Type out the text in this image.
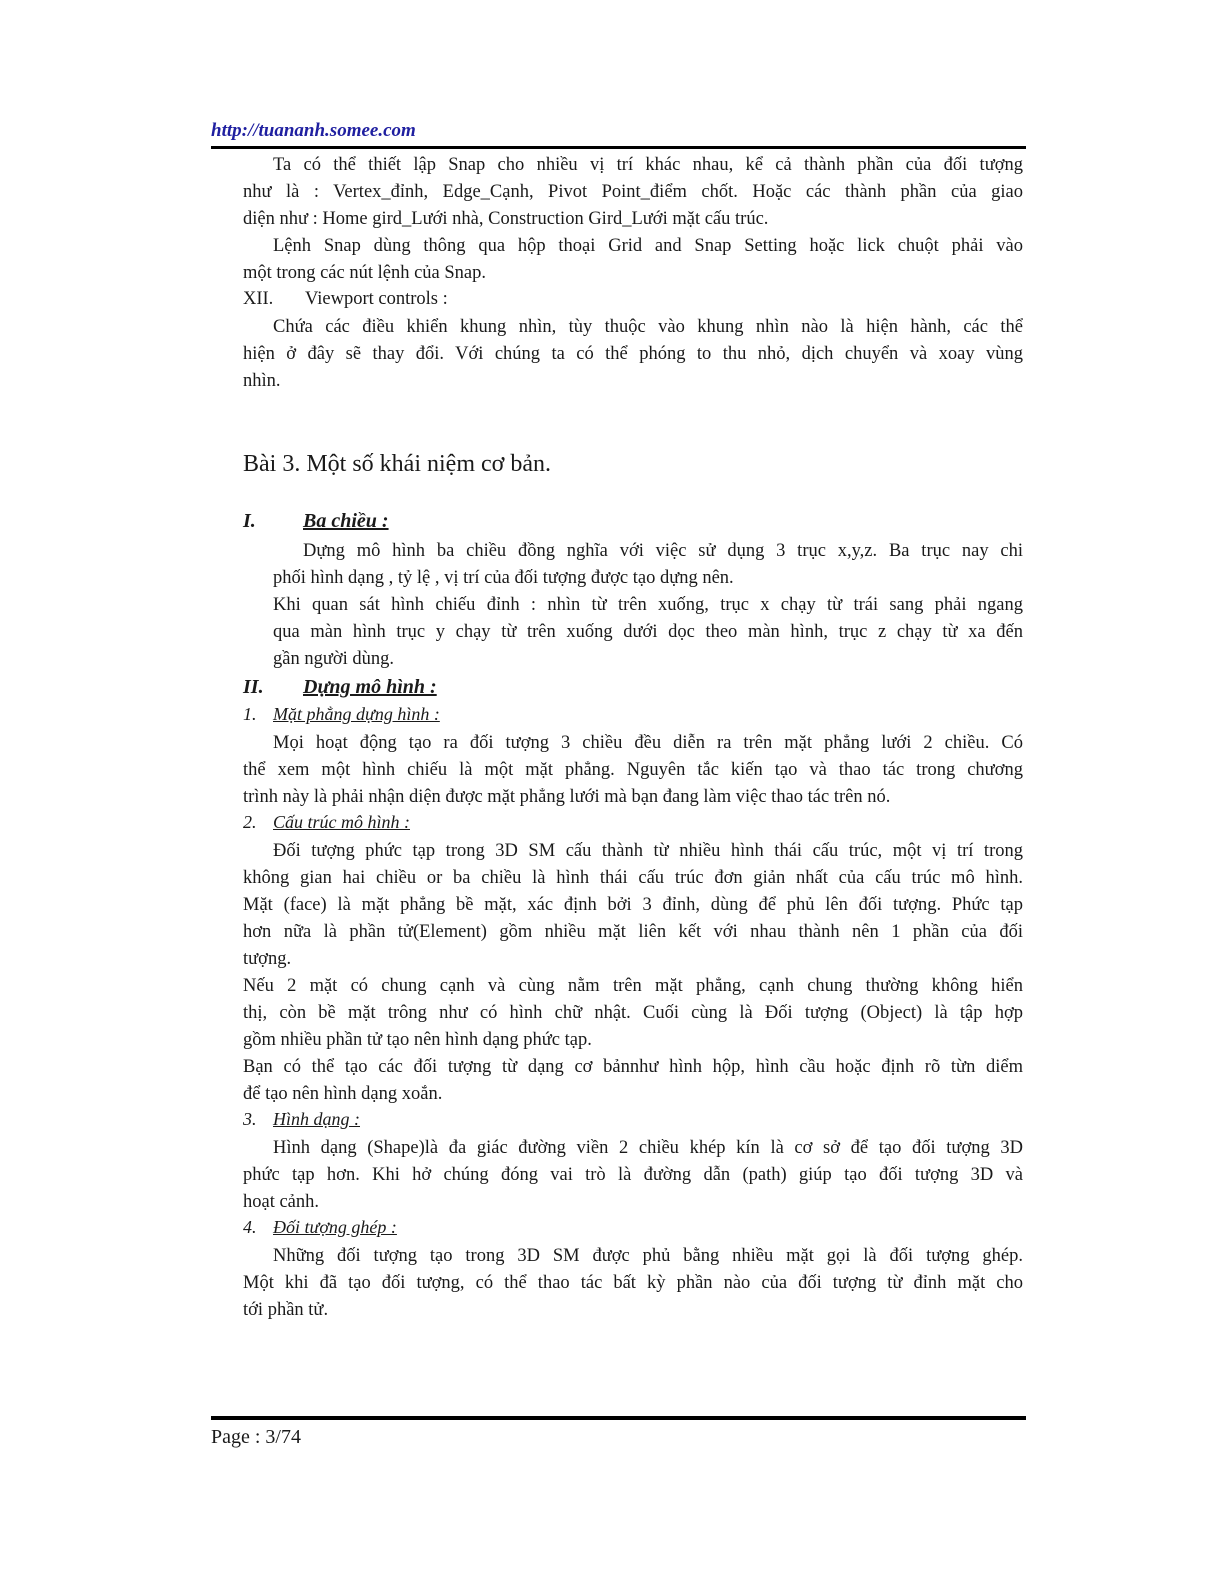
http://tuananh.somee.com
Ta có thể thiết lập Snap cho nhiều vị trí khác nhau, kể cả thành phần của đối tượng
như là : Vertex_đỉnh, Edge_Cạnh, Pivot Point_điểm chốt. Hoặc các thành phần của giao
diện như : Home gird_Lưới nhà, Construction Gird_Lưới mặt cấu trúc.
Lệnh Snap dùng thông qua hộp thoại Grid and Snap Setting hoặc lick chuột phải vào
một trong các nút lệnh của Snap.
XII. Viewport controls :
Chứa các điều khiển khung nhìn, tùy thuộc vào khung nhìn nào là hiện hành, các thể
hiện ở đây sẽ thay đổi. Với chúng ta có thể phóng to thu nhỏ, dịch chuyển và xoay vùng
nhìn.
Bài 3. Một số khái niệm cơ bản.
I. Ba chiều :
Dựng mô hình ba chiều đồng nghĩa với việc sử dụng 3 trục x,y,z. Ba trục nay chi
phối hình dạng , tỷ lệ , vị trí của đối tượng được tạo dựng nên.
Khi quan sát hình chiếu đỉnh : nhìn từ trên xuống, trục x chạy từ trái sang phải ngang
qua màn hình trục y chạy từ trên xuống dưới dọc theo màn hình, trục z chạy từ xa đến
gần người dùng.
II. Dựng mô hình :
1. Mặt phẳng dựng hình :
Mọi hoạt động tạo ra đối tượng 3 chiều đều diễn ra trên mặt phẳng lưới 2 chiều. Có
thể xem một hình chiếu là một mặt phẳng. Nguyên tắc kiến tạo và thao tác trong chương
trình này là phải nhận diện được mặt phẳng lưới mà bạn đang làm việc thao tác trên nó.
2. Cấu trúc mô hình :
Đối tượng phức tạp trong 3D SM cấu thành từ nhiều hình thái cấu trúc, một vị trí trong
không gian hai chiều or ba chiều là hình thái cấu trúc đơn giản nhất của cấu trúc mô hình.
Mặt (face) là mặt phẳng bề mặt, xác định bởi 3 đỉnh, dùng để phủ lên đối tượng. Phức tạp
hơn nữa là phần tử(Element) gồm nhiều mặt liên kết với nhau thành nên 1 phần của đối
tượng.
Nếu 2 mặt có chung cạnh và cùng nằm trên mặt phẳng, cạnh chung thường không hiển
thị, còn bề mặt trông như có hình chữ nhật. Cuối cùng là Đối tượng (Object) là tập hợp
gồm nhiều phần tử tạo nên hình dạng phức tạp.
Bạn có thể tạo các đối tượng từ dạng cơ bảnnhư hình hộp, hình cầu hoặc định rõ từn diểm
để tạo nên hình dạng xoắn.
3. Hình dạng :
Hình dạng (Shape)là đa giác đường viền 2 chiều khép kín là cơ sở để tạo đối tượng 3D
phức tạp hơn. Khi hở chúng đóng vai trò là đường dẫn (path) giúp tạo đối tượng 3D và
hoạt cảnh.
4. Đối tượng ghép :
Những đối tượng tạo trong 3D SM được phủ bằng nhiều mặt gọi là đối tượng ghép.
Một khi đã tạo đối tượng, có thể thao tác bất kỳ phần nào của đối tượng từ đỉnh mặt cho
tới phần tử.
Page : 3/74
